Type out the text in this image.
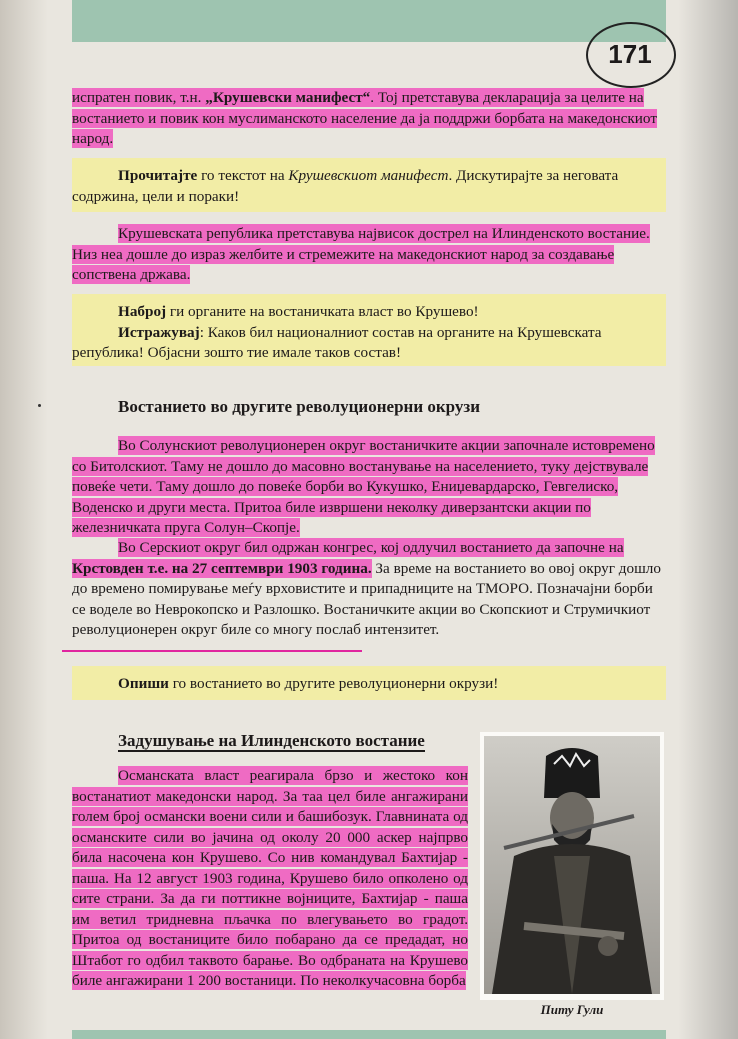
171

испратен повик, т.н. „Крушевски манифест“. Тој претставува декларација за целите на востанието и повик кон муслиманското население да ја поддржи борбата на македонскиот народ.

Прочитајте го текстот на Крушевскиот манифест. Дискутирајте за неговата содржина, цели и пораки!

Крушевската република претставува највисок дострел на Илинденското востание. Низ неа дошле до израз желбите и стремежите на македонскиот народ за создавање сопствена држава.

Наброј ги органите на востаничката власт во Крушево!

Истражувај: Каков бил националниот состав на органите на Крушевската република! Објасни зошто тие имале таков состав!

Востанието во другите револуционерни окрузи

Во Солунскиот револуционерен округ востаничките акции започнале истовремено со Битолскиот. Таму не дошло до масовно востанување на населението, туку дејствувале повеќе чети. Таму дошло до повеќе борби во Кукушко, Ениџевардарско, Гевгелиско, Воденско и други места. Притоа биле извршени неколку диверзантски акции по железничката пруга Солун–Скопје.

Во Серскиот округ бил одржан конгрес, кој одлучил востанието да започне на Крстовден т.е. на 27 септември 1903 година. За време на востанието во овој округ дошло до времено помирување меѓу врховистите и припадниците на ТМОРО. Позначајни борби се воделе во Неврокопско и Разлошко. Востаничките акции во Скопскиот и Струмичкиот револуционерен округ биле со многу послаб интензитет.

Опиши го востанието во другите револуционерни окрузи!

Задушување на Илинденското востание

Османската власт реагирала брзо и жестоко кон востанатиот македонски народ. За таа цел биле ангажирани голем број османски воени сили и башибозук. Главнината од османските сили во јачина од околу 20 000 аскер најпрво била насочена кон Крушево. Со нив командувал Бахтијар - паша. На 12 август 1903 година, Крушево било опколено од сите страни. За да ги поттикне војниците, Бахтијар - паша им ветил тридневна пљачка по влегувањето во градот. Притоа од востаниците било побарано да се предадат, но Штабот го одбил таквото барање. Во одбраната на Крушево биле ангажирани 1 200 востаници. По неколкучасовна борба

Питу Гули
